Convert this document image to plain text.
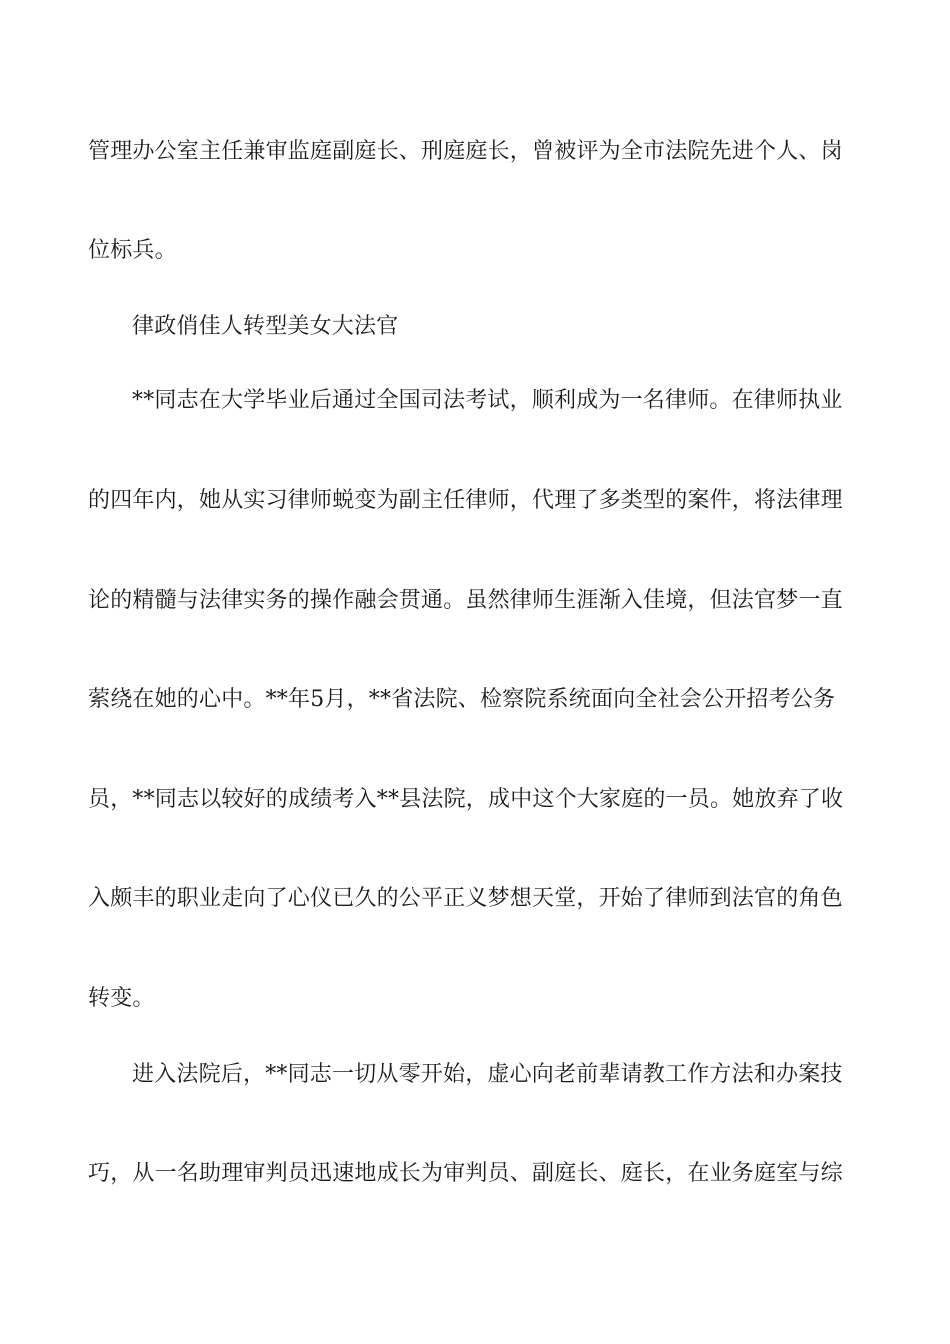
管理办公室主任兼审监庭副庭长、刑庭庭长，曾被评为全市法院先进个人、岗
位标兵。
律政俏佳人转型美女大法官
**同志在大学毕业后通过全国司法考试，顺利成为一名律师。在律师执业
的四年内，她从实习律师蜕变为副主任律师，代理了多类型的案件，将法律理
论的精髓与法律实务的操作融会贯通。虽然律师生涯渐入佳境，但法官梦一直
萦绕在她的心中。**年5月，**省法院、检察院系统面向全社会公开招考公务
员，**同志以较好的成绩考入**县法院，成中这个大家庭的一员。她放弃了收
入颇丰的职业走向了心仪已久的公平正义梦想天堂，开始了律师到法官的角色
转变。
进入法院后，**同志一切从零开始，虚心向老前辈请教工作方法和办案技
巧，从一名助理审判员迅速地成长为审判员、副庭长、庭长，在业务庭室与综
